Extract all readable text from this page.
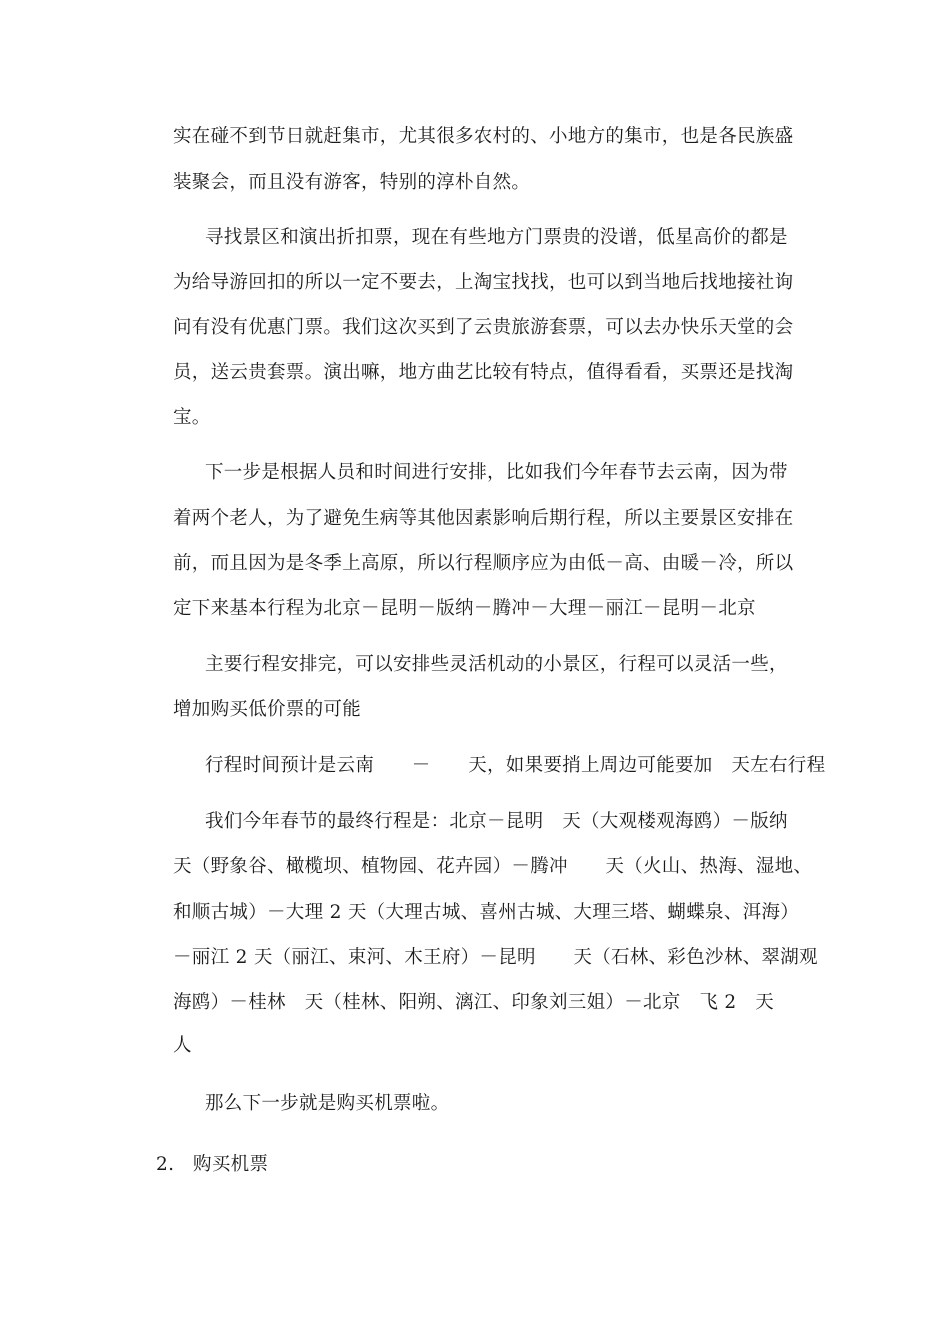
实在碰不到节日就赶集市，尤其很多农村的、小地方的集市，也是各民族盛
装聚会，而且没有游客，特别的淳朴自然。
寻找景区和演出折扣票，现在有些地方门票贵的没谱，低星高价的都是
为给导游回扣的所以一定不要去，上淘宝找找，也可以到当地后找地接社询
问有没有优惠门票。我们这次买到了云贵旅游套票，可以去办快乐天堂的会
员，送云贵套票。演出嘛，地方曲艺比较有特点，值得看看，买票还是找淘
宝。
下一步是根据人员和时间进行安排，比如我们今年春节去云南，因为带
着两个老人，为了避免生病等其他因素影响后期行程，所以主要景区安排在
前，而且因为是冬季上高原，所以行程顺序应为由低－高、由暖－冷，所以
定下来基本行程为北京－昆明－版纳－腾冲－大理－丽江－昆明－北京
主要行程安排完，可以安排些灵活机动的小景区，行程可以灵活一些，
增加购买低价票的可能
行程时间预计是云南　　－　　天，如果要捎上周边可能要加　天左右行程
我们今年春节的最终行程是：北京－昆明　天（大观楼观海鸥）－版纳
天（野象谷、橄榄坝、植物园、花卉园）－腾冲　　天（火山、热海、湿地、
和顺古城）－大理 2 天（大理古城、喜州古城、大理三塔、蝴蝶泉、洱海）
－丽江 2 天（丽江、束河、木王府）－昆明　　天（石林、彩色沙林、翠湖观
海鸥）－桂林　天（桂林、阳朔、漓江、印象刘三姐）－北京　飞 2　天
人
那么下一步就是购买机票啦。
2.　购买机票
